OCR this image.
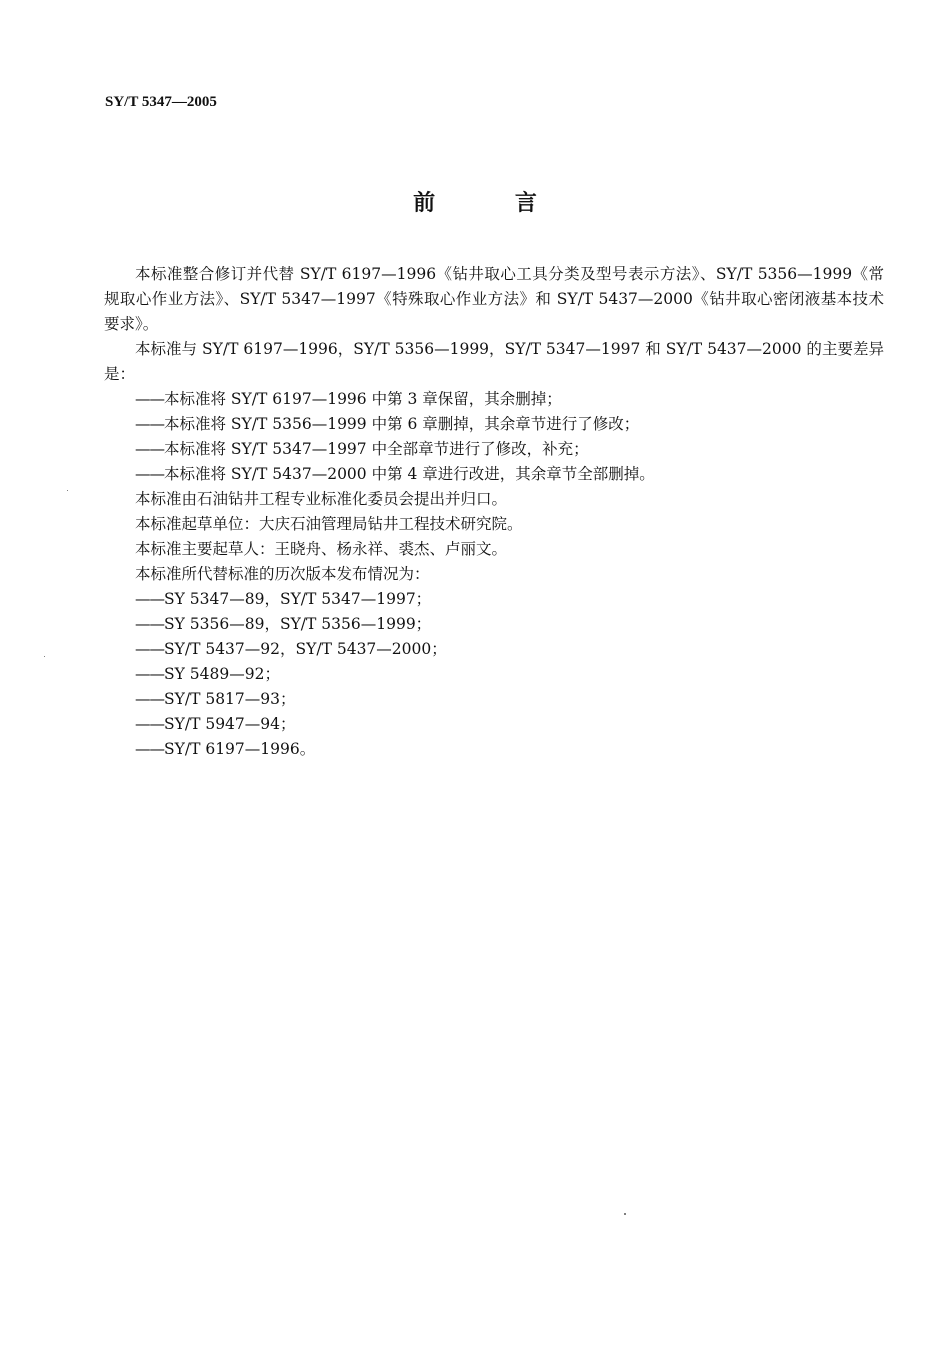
SY/T 5347—2005
前 言

本标准整合修订并代替 SY/T 6197—1996《钻井取心工具分类及型号表示方法》、SY/T 5356—1999《常规取心作业方法》、SY/T 5347—1997《特殊取心作业方法》和 SY/T 5437—2000《钻井取心密闭液基本技术要求》。

本标准与 SY/T 6197—1996，SY/T 5356—1999，SY/T 5347—1997 和 SY/T 5437—2000 的主要差异是：

——本标准将 SY/T 6197—1996 中第 3 章保留，其余删掉；

——本标准将 SY/T 5356—1999 中第 6 章删掉，其余章节进行了修改；

——本标准将 SY/T 5347—1997 中全部章节进行了修改，补充；

——本标准将 SY/T 5437—2000 中第 4 章进行改进，其余章节全部删掉。

本标准由石油钻井工程专业标准化委员会提出并归口。

本标准起草单位：大庆石油管理局钻井工程技术研究院。

本标准主要起草人：王晓舟、杨永祥、裘杰、卢丽文。

本标准所代替标准的历次版本发布情况为：

——SY 5347—89，SY/T 5347—1997；

——SY 5356—89，SY/T 5356—1999；

——SY/T 5437—92，SY/T 5437—2000；

——SY 5489—92；

——SY/T 5817—93；

——SY/T 5947—94；

——SY/T 6197—1996。
